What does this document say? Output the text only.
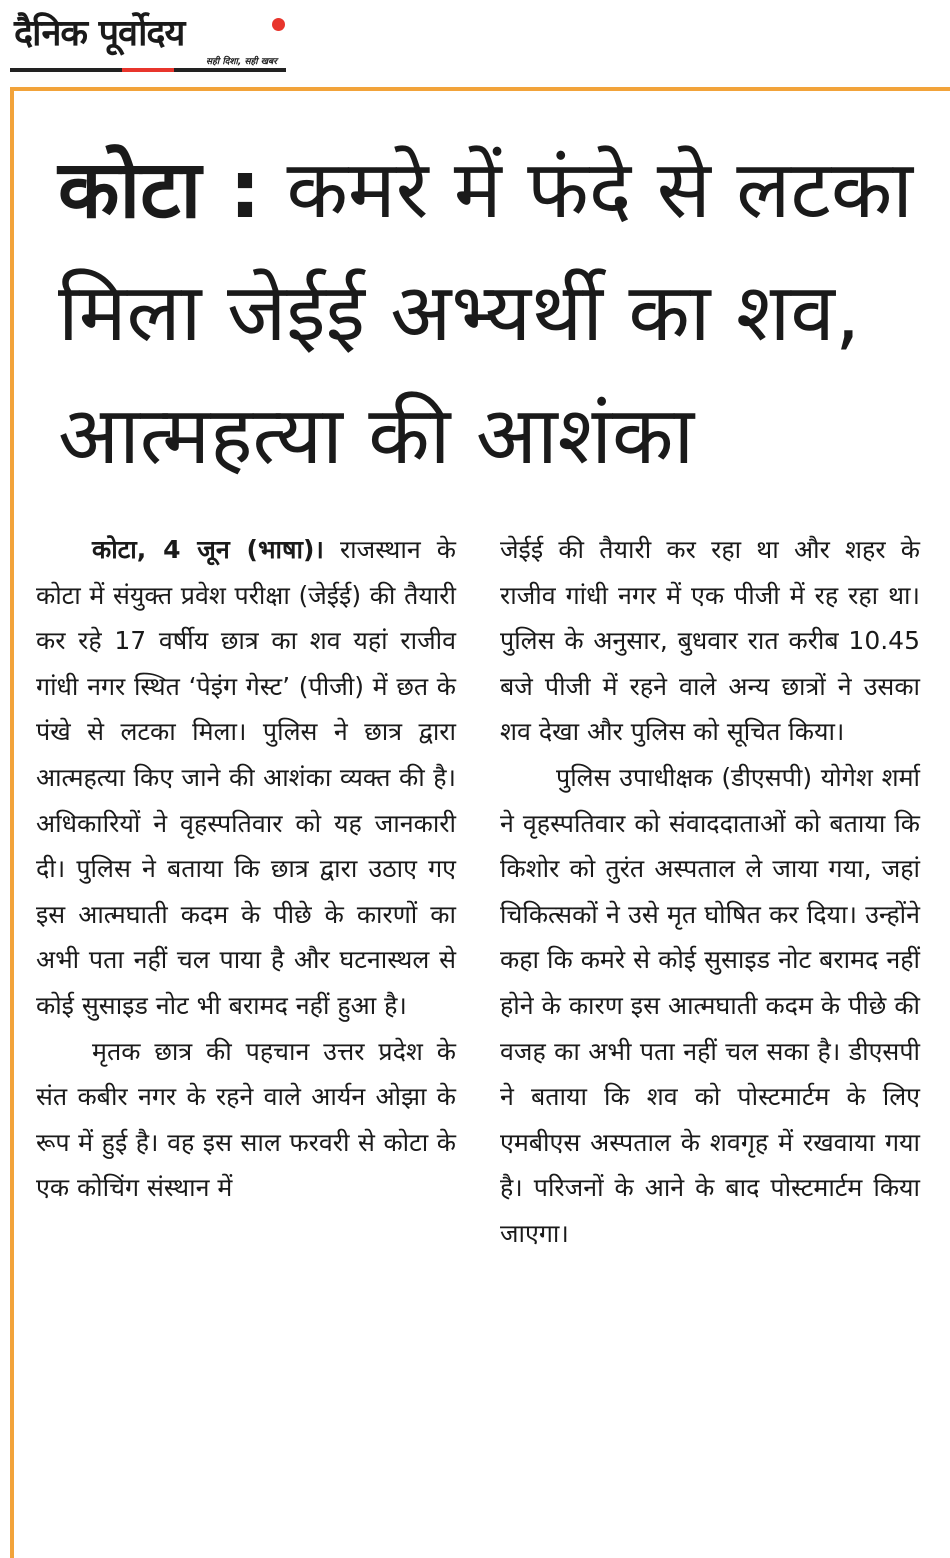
दैनिक पूर्वोदय
सही दिशा, सही खबर
कोटा : कमरे में फंदे से लटका मिला जेईई अभ्यर्थी का शव, आत्महत्या की आशंका

कोटा, 4 जून (भाषा)। राजस्थान के कोटा में संयुक्त प्रवेश परीक्षा (जेईई) की तैयारी कर रहे 17 वर्षीय छात्र का शव यहां राजीव गांधी नगर स्थित ‘पेइंग गेस्ट’ (पीजी) में छत के पंखे से लटका मिला। पुलिस ने छात्र द्वारा आत्महत्या किए जाने की आशंका व्यक्त की है। अधिकारियों ने वृहस्पतिवार को यह जानकारी दी। पुलिस ने बताया कि छात्र द्वारा उठाए गए इस आत्मघाती कदम के पीछे के कारणों का अभी पता नहीं चल पाया है और घटनास्थल से कोई सुसाइड नोट भी बरामद नहीं हुआ है।

मृतक छात्र की पहचान उत्तर प्रदेश के संत कबीर नगर के रहने वाले आर्यन ओझा के रूप में हुई है। वह इस साल फरवरी से कोटा के एक कोचिंग संस्थान में

जेईई की तैयारी कर रहा था और शहर के राजीव गांधी नगर में एक पीजी में रह रहा था। पुलिस के अनुसार, बुधवार रात करीब 10.45 बजे पीजी में रहने वाले अन्य छात्रों ने उसका शव देखा और पुलिस को सूचित किया।

पुलिस उपाधीक्षक (डीएसपी) योगेश शर्मा ने वृहस्पतिवार को संवाददाताओं को बताया कि किशोर को तुरंत अस्पताल ले जाया गया, जहां चिकित्सकों ने उसे मृत घोषित कर दिया। उन्होंने कहा कि कमरे से कोई सुसाइड नोट बरामद नहीं होने के कारण इस आत्मघाती कदम के पीछे की वजह का अभी पता नहीं चल सका है। डीएसपी ने बताया कि शव को पोस्टमार्टम के लिए एमबीएस अस्पताल के शवगृह में रखवाया गया है। परिजनों के आने के बाद पोस्टमार्टम किया जाएगा।
